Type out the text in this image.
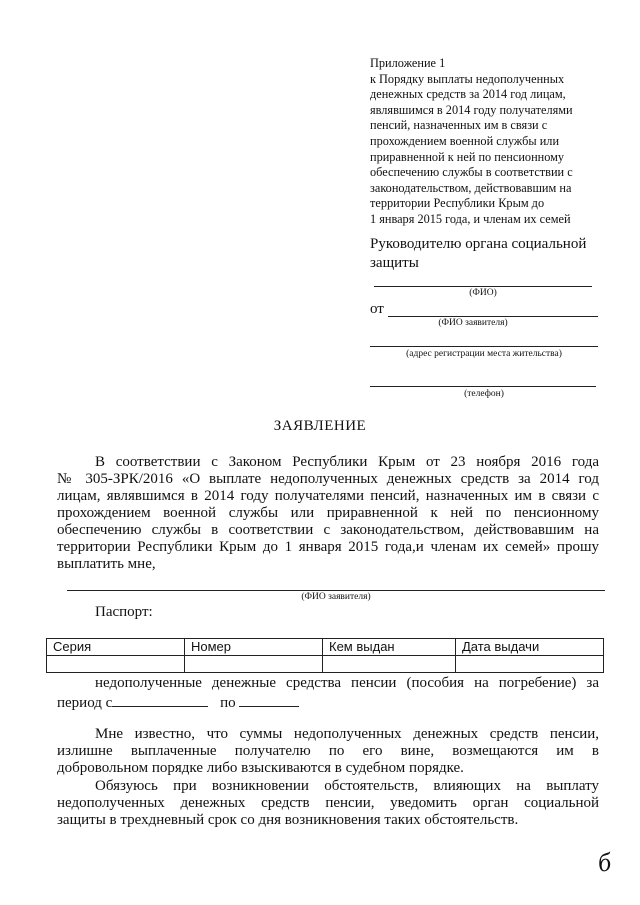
Приложение 1
к Порядку выплаты недополученных
денежных средств за 2014 год лицам,
являвшимся в 2014 году получателями
пенсий, назначенных им в связи с
прохождением военной службы или
приравненной к ней по пенсионному
обеспечению службы в соответствии с
законодательством, действовавшим на
территории Республики Крым до
1 января 2015 года, и членам их семей
Руководителю органа социальной
защиты
(ФИО)
от
(ФИО заявителя)
(адрес регистрации места жительства)
(телефон)
ЗАЯВЛЕНИЕ
В соответствии с Законом Республики Крым от 23 ноября 2016 года
№ 305-ЗРК/2016 «О выплате недополученных денежных средств за 2014 год
лицам, являвшимся в 2014 году получателями пенсий, назначенных им в связи с
прохождением военной службы или приравненной к ней по пенсионному
обеспечению службы в соответствии с законодательством, действовавшим на
территории Республики Крым до 1 января 2015 года,и членам их семей» прошу
выплатить мне,
(ФИО заявителя)
Паспорт:
Серия	Номер	Кем выдан	Дата выдачи

недополученные денежные средства пенсии (пособия на погребение) за
период с	по
Мне известно, что суммы недополученных денежных средств пенсии,
излишне выплаченные получателю по его вине, возмещаются им в
добровольном порядке либо взыскиваются в судебном порядке.
Обязуюсь при возникновении обстоятельств, влияющих на выплату
недополученных денежных средств пенсии, уведомить орган социальной
защиты в трехдневный срок со дня возникновения таких обстоятельств.
б
